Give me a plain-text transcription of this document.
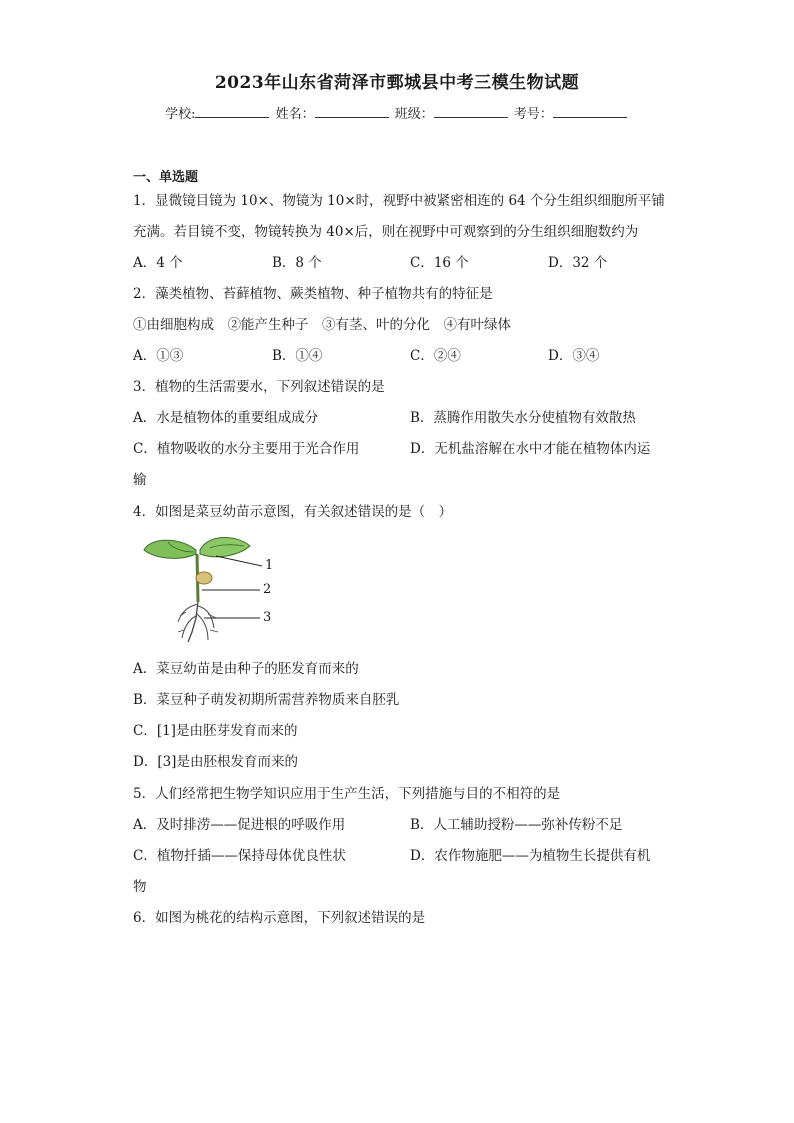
2023年山东省菏泽市鄄城县中考三模生物试题
学校:	姓名：	班级：	考号：
一、单选题
1．显微镜目镜为 10×、物镜为 10×时，视野中被紧密相连的 64 个分生组织细胞所平铺
充满。若目镜不变，物镜转换为 40×后，则在视野中可观察到的分生组织细胞数约为
A．4 个	B．8 个	C．16 个	D．32 个
2．藻类植物、苔藓植物、蕨类植物、种子植物共有的特征是
①由细胞构成　②能产生种子　③有茎、叶的分化　④有叶绿体
A．①③	B．①④	C．②④	D．③④
3．植物的生活需要水，下列叙述错误的是
A．水是植物体的重要组成成分	B．蒸腾作用散失水分使植物有效散热
C．植物吸收的水分主要用于光合作用	D．无机盐溶解在水中才能在植物体内运
输
4．如图是菜豆幼苗示意图，有关叙述错误的是（　）
1
2
3
A．菜豆幼苗是由种子的胚发育而来的
B．菜豆种子萌发初期所需营养物质来自胚乳
C．[1]是由胚芽发育而来的
D．[3]是由胚根发育而来的
5．人们经常把生物学知识应用于生产生活，下列措施与目的不相符的是
A．及时排涝——促进根的呼吸作用	B．人工辅助授粉——弥补传粉不足
C．植物扦插——保持母体优良性状	D．农作物施肥——为植物生长提供有机
物
6．如图为桃花的结构示意图，下列叙述错误的是
